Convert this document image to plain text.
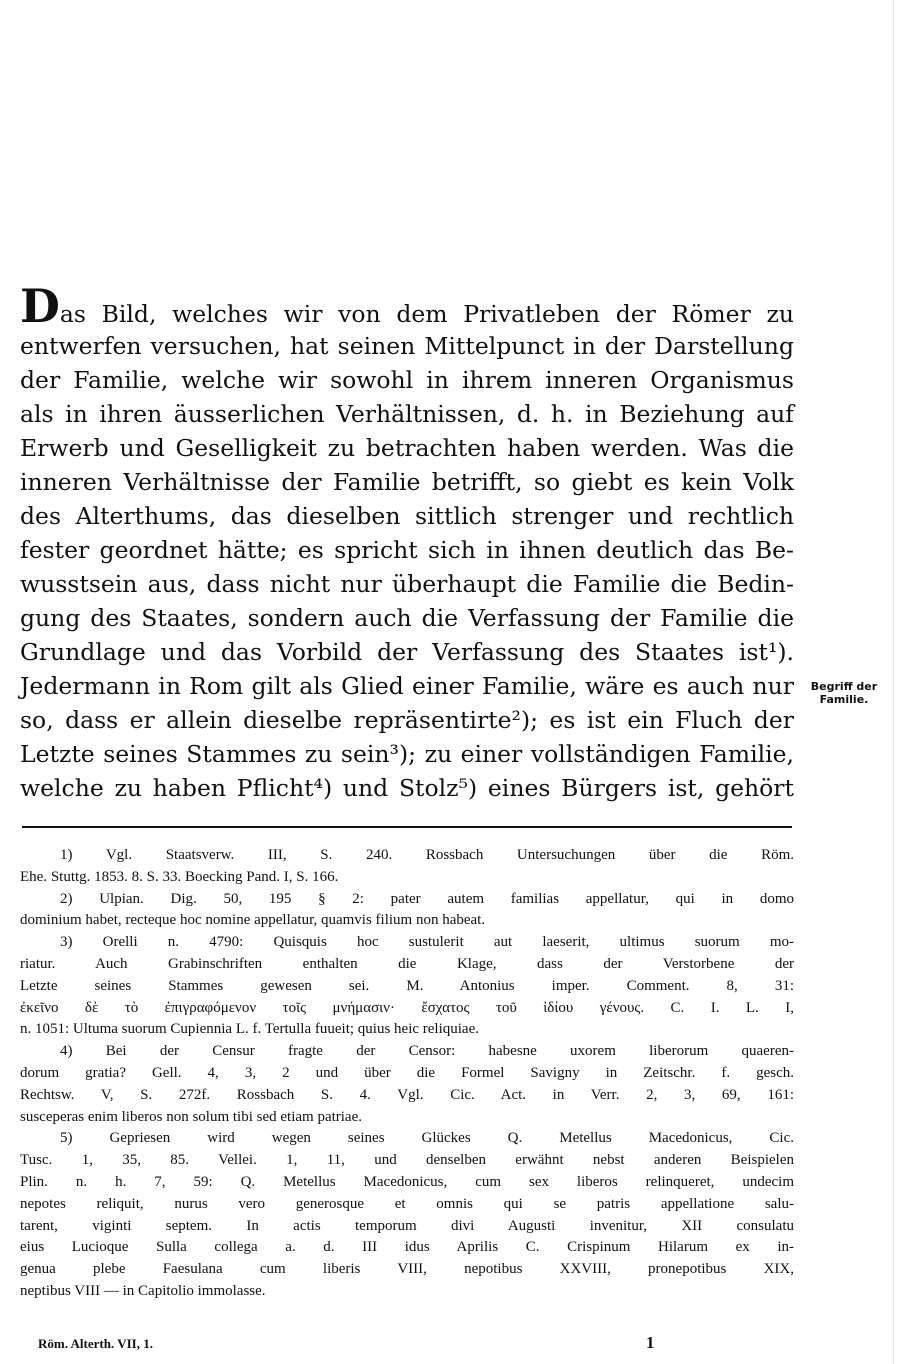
Das Bild, welches wir von dem Privatleben der Römer zu
entwerfen versuchen, hat seinen Mittelpunct in der Darstellung
der Familie, welche wir sowohl in ihrem inneren Organismus
als in ihren äusserlichen Verhältnissen, d. h. in Beziehung auf
Erwerb und Geselligkeit zu betrachten haben werden. Was die
inneren Verhältnisse der Familie betrifft, so giebt es kein Volk
des Alterthums, das dieselben sittlich strenger und rechtlich
fester geordnet hätte; es spricht sich in ihnen deutlich das Be-
wusstsein aus, dass nicht nur überhaupt die Familie die Bedin-
gung des Staates, sondern auch die Verfassung der Familie die
Grundlage und das Vorbild der Verfassung des Staates ist¹).
Jedermann in Rom gilt als Glied einer Familie, wäre es auch nur
so, dass er allein dieselbe repräsentirte²); es ist ein Fluch der
Letzte seines Stammes zu sein³); zu einer vollständigen Familie,
welche zu haben Pflicht⁴) und Stolz⁵) eines Bürgers ist, gehört
Begriff der
Familie.
1) Vgl. Staatsverw. III, S. 240. Rossbach Untersuchungen über die Röm.
Ehe. Stuttg. 1853. 8. S. 33. Boecking Pand. I, S. 166.
2) Ulpian. Dig. 50, 195 § 2: pater autem familias appellatur, qui in domo
dominium habet, recteque hoc nomine appellatur, quamvis filium non habeat.
3) Orelli n. 4790: Quisquis hoc sustulerit aut laeserit, ultimus suorum mo-
riatur. Auch Grabinschriften enthalten die Klage, dass der Verstorbene der
Letzte seines Stammes gewesen sei. M. Antonius imper. Comment. 8, 31:
ἐκεῖνο δὲ τὸ ἐπιγραφόμενον τοῖς μνήμασιν· ἔσχατος τοῦ ἰδίου γένους. C. I. L. I,
n. 1051: Ultuma suorum Cupiennia L. f. Tertulla fuueit; quius heic reliquiae.
4) Bei der Censur fragte der Censor: habesne uxorem liberorum quaeren-
dorum gratia? Gell. 4, 3, 2 und über die Formel Savigny in Zeitschr. f. gesch.
Rechtsw. V, S. 272f. Rossbach S. 4. Vgl. Cic. Act. in Verr. 2, 3, 69, 161:
susceperas enim liberos non solum tibi sed etiam patriae.
5) Gepriesen wird wegen seines Glückes Q. Metellus Macedonicus, Cic.
Tusc. 1, 35, 85. Vellei. 1, 11, und denselben erwähnt nebst anderen Beispielen
Plin. n. h. 7, 59: Q. Metellus Macedonicus, cum sex liberos relinqueret, undecim
nepotes reliquit, nurus vero generosque et omnis qui se patris appellatione salu-
tarent, viginti septem. In actis temporum divi Augusti invenitur, XII consulatu
eius Lucioque Sulla collega a. d. III idus Aprilis C. Crispinum Hilarum ex in-
genua plebe Faesulana cum liberis VIII, nepotibus XXVIII, pronepotibus XIX,
neptibus VIII — in Capitolio immolasse.
Röm. Alterth. VII, 1.	1
